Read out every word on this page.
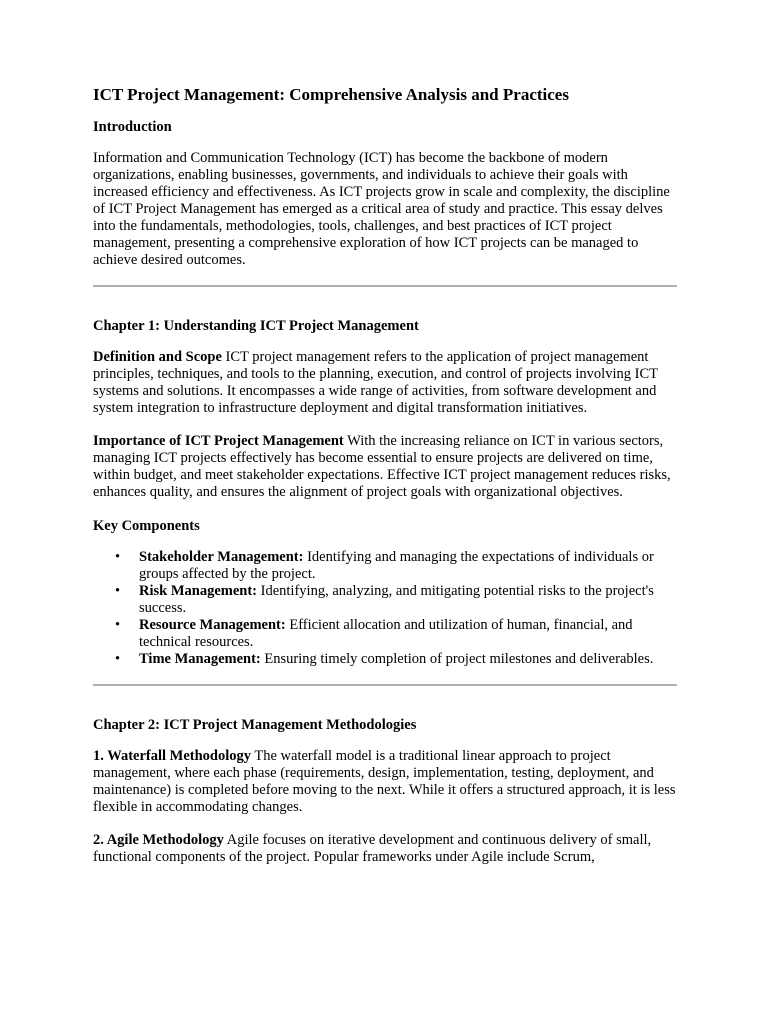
ICT Project Management: Comprehensive Analysis and Practices
Introduction

Information and Communication Technology (ICT) has become the backbone of modern organizations, enabling businesses, governments, and individuals to achieve their goals with increased efficiency and effectiveness. As ICT projects grow in scale and complexity, the discipline of ICT Project Management has emerged as a critical area of study and practice. This essay delves into the fundamentals, methodologies, tools, challenges, and best practices of ICT project management, presenting a comprehensive exploration of how ICT projects can be managed to achieve desired outcomes.

Chapter 1: Understanding ICT Project Management

Definition and Scope ICT project management refers to the application of project management principles, techniques, and tools to the planning, execution, and control of projects involving ICT systems and solutions. It encompasses a wide range of activities, from software development and system integration to infrastructure deployment and digital transformation initiatives.

Importance of ICT Project Management With the increasing reliance on ICT in various sectors, managing ICT projects effectively has become essential to ensure projects are delivered on time, within budget, and meet stakeholder expectations. Effective ICT project management reduces risks, enhances quality, and ensures the alignment of project goals with organizational objectives.

Key Components
• Stakeholder Management: Identifying and managing the expectations of individuals or groups affected by the project.
• Risk Management: Identifying, analyzing, and mitigating potential risks to the project's success.
• Resource Management: Efficient allocation and utilization of human, financial, and technical resources.
• Time Management: Ensuring timely completion of project milestones and deliverables.
Chapter 2: ICT Project Management Methodologies

1. Waterfall Methodology The waterfall model is a traditional linear approach to project management, where each phase (requirements, design, implementation, testing, deployment, and maintenance) is completed before moving to the next. While it offers a structured approach, it is less flexible in accommodating changes.

2. Agile Methodology Agile focuses on iterative development and continuous delivery of small, functional components of the project. Popular frameworks under Agile include Scrum,
